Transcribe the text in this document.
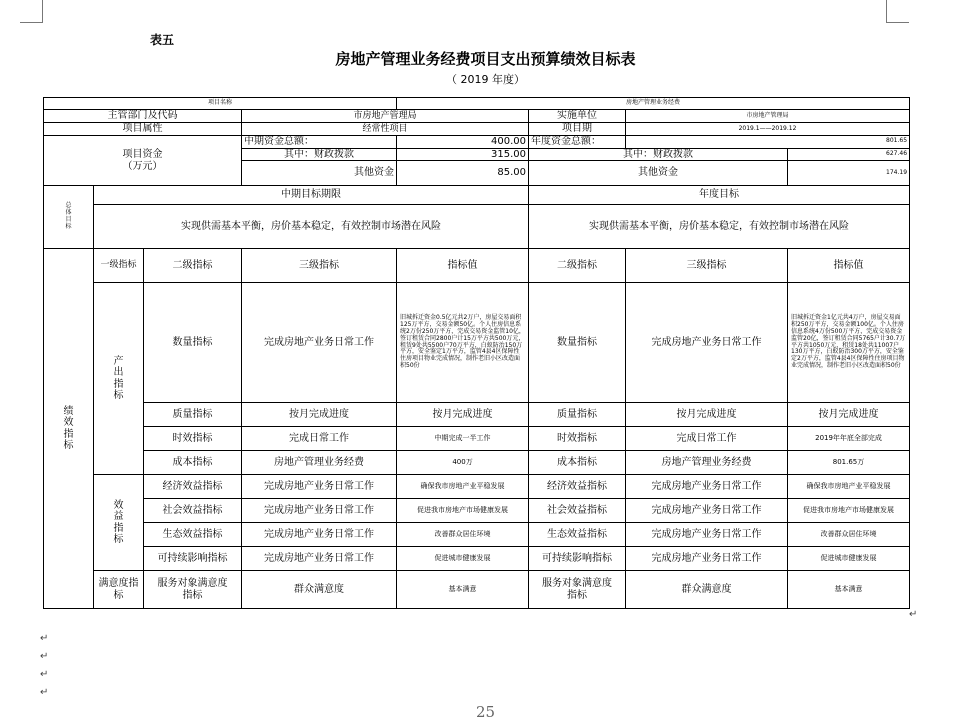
表五
房地产管理业务经费项目支出预算绩效目标表
（ 2019 年度）
项目名称				房地产管理业务经费			
主管部门及代码			市房地产管理局		实施单位	市房地产管理局	
项目属性			经常性项目		项目期	2019.1——2019.12	

项目资金
（万元）			中期资金总额：	400.00	年度资金总额：	801.65	
			其中：财政拨款	315.00	其中：财政拨款		627.46
			其他资金	85.00	其他资金		174.19

总
体
目
标	中期目标期限				年度目标		
	实现供需基本平衡，房价基本稳定，有效控制市场潜在风险				实现供需基本平衡，房价基本稳定，有效控制市场潜在风险		

绩
效
指
标	一级指标	二级指标	三级指标	指标值	二级指标	三级指标	指标值

	产
出
指
标	数量指标	完成房地产业务日常工作	旧城拆迁资金0.5亿元共2万户，房屋交易面积125万平方，交易金额50亿。个人住房信息系统2万份250万平方，完成交易资金监管10亿，签订租赁合同2800户计15万平方共500万元，租赁9处共5500户70万平方，白蚁防治150万平方，安全鉴定1万平方，监管4县4区保障性住房项目物业完成情况，制作老旧小区改造面积50份	数量指标	完成房地产业务日常工作	旧城拆迁资金1亿元共4万户，房屋交易面积250万平方，交易金额100亿。个人住房信息系统4万份500万平方，完成交易资金监管20亿，签订租赁合同5765户计30.7万平方共1050万元，租赁18处共11007户130万平方，白蚁防治300万平方，安全鉴定2万平方，监管4县4区保障性住房项目物业完成情况，制作老旧小区改造面积50份
		质量指标	按月完成进度	按月完成进度	质量指标	按月完成进度	按月完成进度
		时效指标	完成日常工作	中期完成一半工作	时效指标	完成日常工作	2019年年底全部完成
		成本指标	房地产管理业务经费	400万	成本指标	房地产管理业务经费	801.65万

	效
益
指
标	经济效益指标	完成房地产业务日常工作	确保我市房地产业平稳发展	经济效益指标	完成房地产业务日常工作	确保我市房地产业平稳发展
		社会效益指标	完成房地产业务日常工作	促进我市房地产市场健康发展	社会效益指标	完成房地产业务日常工作	促进我市房地产市场健康发展
		生态效益指标	完成房地产业务日常工作	改善群众居住环境	生态效益指标	完成房地产业务日常工作	改善群众居住环境
		可持续影响指标	完成房地产业务日常工作	促进城市健康发展	可持续影响指标	完成房地产业务日常工作	促进城市健康发展
	满意度指标	服务对象满意度指标	群众满意度	基本满意	服务对象满意度指标	群众满意度	基本满意
↵
↵
↵
↵
↵
25
